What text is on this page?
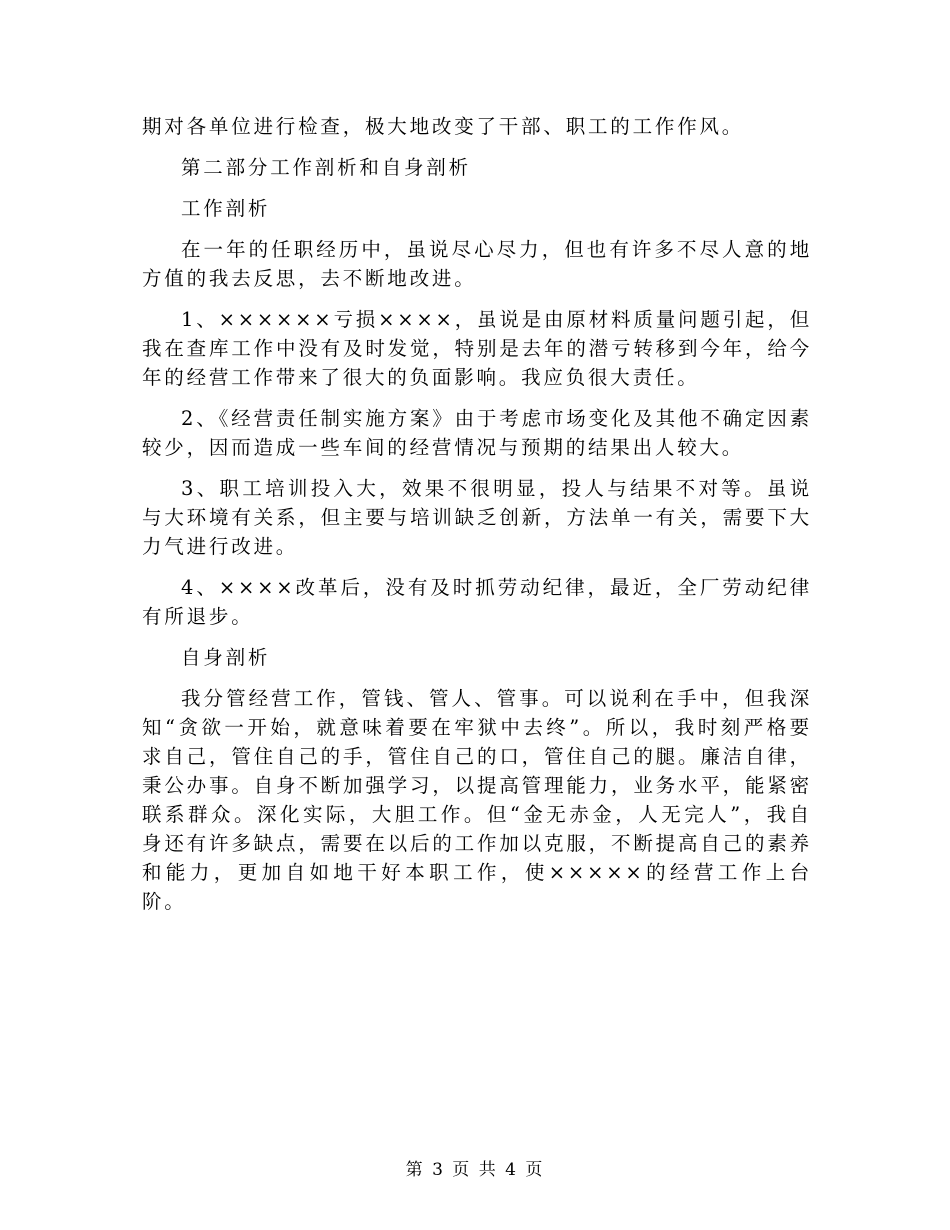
期对各单位进行检查，极大地改变了干部、职工的工作作风。

第二部分工作剖析和自身剖析

工作剖析

在一年的任职经历中，虽说尽心尽力，但也有许多不尽人意的地方值的我去反思，去不断地改进。

1、××××××亏损××××，虽说是由原材料质量问题引起，但我在查库工作中没有及时发觉，特别是去年的潜亏转移到今年，给今年的经营工作带来了很大的负面影响。我应负很大责任。

2、《经营责任制实施方案》由于考虑市场变化及其他不确定因素较少，因而造成一些车间的经营情况与预期的结果出人较大。

3、职工培训投入大，效果不很明显，投人与结果不对等。虽说与大环境有关系，但主要与培训缺乏创新，方法单一有关，需要下大力气进行改进。

4、××××改革后，没有及时抓劳动纪律，最近，全厂劳动纪律有所退步。

自身剖析

我分管经营工作，管钱、管人、管事。可以说利在手中，但我深知“贪欲一开始，就意味着要在牢狱中去终”。所以，我时刻严格要求自己，管住自己的手，管住自己的口，管住自己的腿。廉洁自律，秉公办事。自身不断加强学习，以提高管理能力，业务水平，能紧密联系群众。深化实际，大胆工作。但“金无赤金，人无完人”，我自身还有许多缺点，需要在以后的工作加以克服，不断提高自己的素养和能力，更加自如地干好本职工作，使×××××的经营工作上台阶。

第 3 页 共 4 页
